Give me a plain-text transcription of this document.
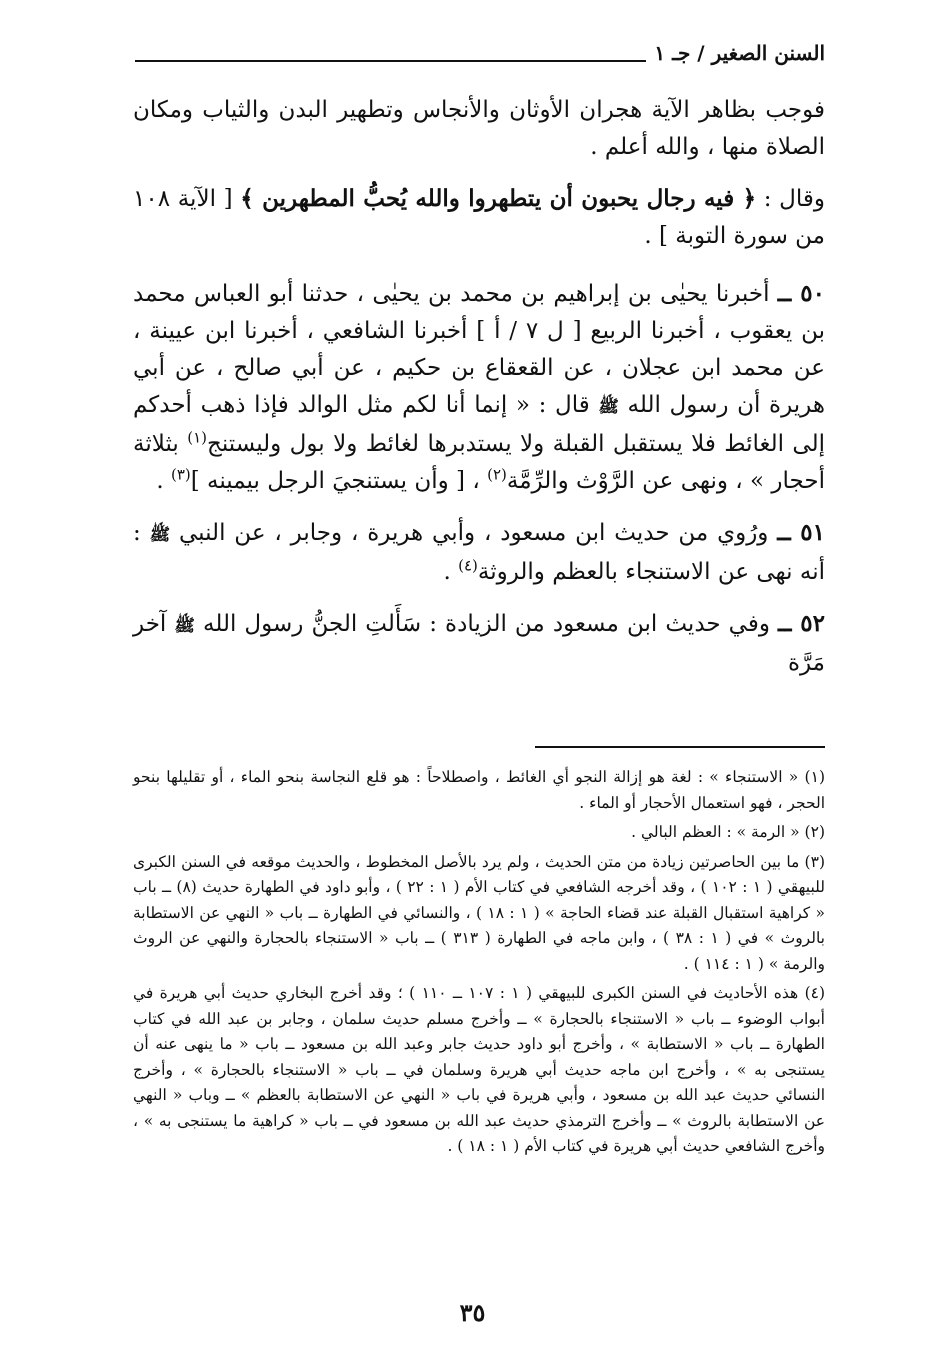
السنن الصغير / جـ ١

فوجب بظاهر الآية هجران الأوثان والأنجاس وتطهير البدن والثياب ومكان الصلاة منها ، والله أعلم .

وقال : ﴿ فيه رجال يحبون أن يتطهروا والله يُحبُّ المطهرين ﴾ [ الآية ١٠٨ من سورة التوبة ] .

٥٠ ــ أخبرنا يحيٰى بن إبراهيم بن محمد بن يحيٰى ، حدثنا أبو العباس محمد بن يعقوب ، أخبرنا الربيع [ ل ٧ / أ ] أخبرنا الشافعي ، أخبرنا ابن عيينة ، عن محمد ابن عجلان ، عن القعقاع بن حكيم ، عن أبي صالح ، عن أبي هريرة أن رسول الله ﷺ قال : « إنما أنا لكم مثل الوالد فإذا ذهب أحدكم إلى الغائط فلا يستقبل القبلة ولا يستدبرها لغائط ولا بول وليستنج$^{(١)}$ بثلاثة أحجار » ، ونهى عن الرَّوْث والرِّمَّة$^{(٢)}$ ، [ وأن يستنجيَ الرجل بيمينه ]$^{(٣)}$ .

٥١ ــ ورُوي من حديث ابن مسعود ، وأبي هريرة ، وجابر ، عن النبي ﷺ : أنه نهى عن الاستنجاء بالعظم والروثة$^{(٤)}$ .

٥٢ ــ وفي حديث ابن مسعود من الزيادة : سَأَلتِ الجنُّ رسول الله ﷺ آخر مَرَّة

(١) « الاستنجاء » : لغة هو إزالة النجو أي الغائط ، واصطلاحاً : هو قلع النجاسة بنحو الماء ، أو تقليلها بنحو الحجر ، فهو استعمال الأحجار أو الماء .

(٢) « الرمة » : العظم البالي .

(٣) ما بين الحاصرتين زيادة من متن الحديث ، ولم يرد بالأصل المخطوط ، والحديث موقعه في السنن الكبرى للبيهقي ( ١ : ١٠٢ ) ، وقد أخرجه الشافعي في كتاب الأم ( ١ : ٢٢ ) ، وأبو داود في الطهارة حديث (٨) ــ باب « كراهية استقبال القبلة عند قضاء الحاجة » ( ١ : ١٨ ) ، والنسائي في الطهارة ــ باب « النهي عن الاستطابة بالروث » في ( ١ : ٣٨ ) ، وابن ماجه في الطهارة ( ٣١٣ ) ــ باب « الاستنجاء بالحجارة والنهي عن الروث والرمة » ( ١ : ١١٤ ) .

(٤) هذه الأحاديث في السنن الكبرى للبيهقي ( ١ : ١٠٧ ــ ١١٠ ) ؛ وقد أخرج البخاري حديث أبي هريرة في أبواب الوضوء ــ باب « الاستنجاء بالحجارة » ــ وأخرج مسلم حديث سلمان ، وجابر بن عبد الله في كتاب الطهارة ــ باب « الاستطابة » ، وأخرج أبو داود حديث جابر وعبد الله بن مسعود ــ باب « ما ينهى عنه أن يستنجى به » ، وأخرج ابن ماجه حديث أبي هريرة وسلمان في ــ باب « الاستنجاء بالحجارة » ، وأخرج النسائي حديث عبد الله بن مسعود ، وأبي هريرة في باب « النهي عن الاستطابة بالعظم » ــ وباب « النهي عن الاستطابة بالروث » ــ وأخرج الترمذي حديث عبد الله بن مسعود في ــ باب « كراهية ما يستنجى به » ، وأخرج الشافعي حديث أبي هريرة في كتاب الأم ( ١ : ١٨ ) .

٣٥
